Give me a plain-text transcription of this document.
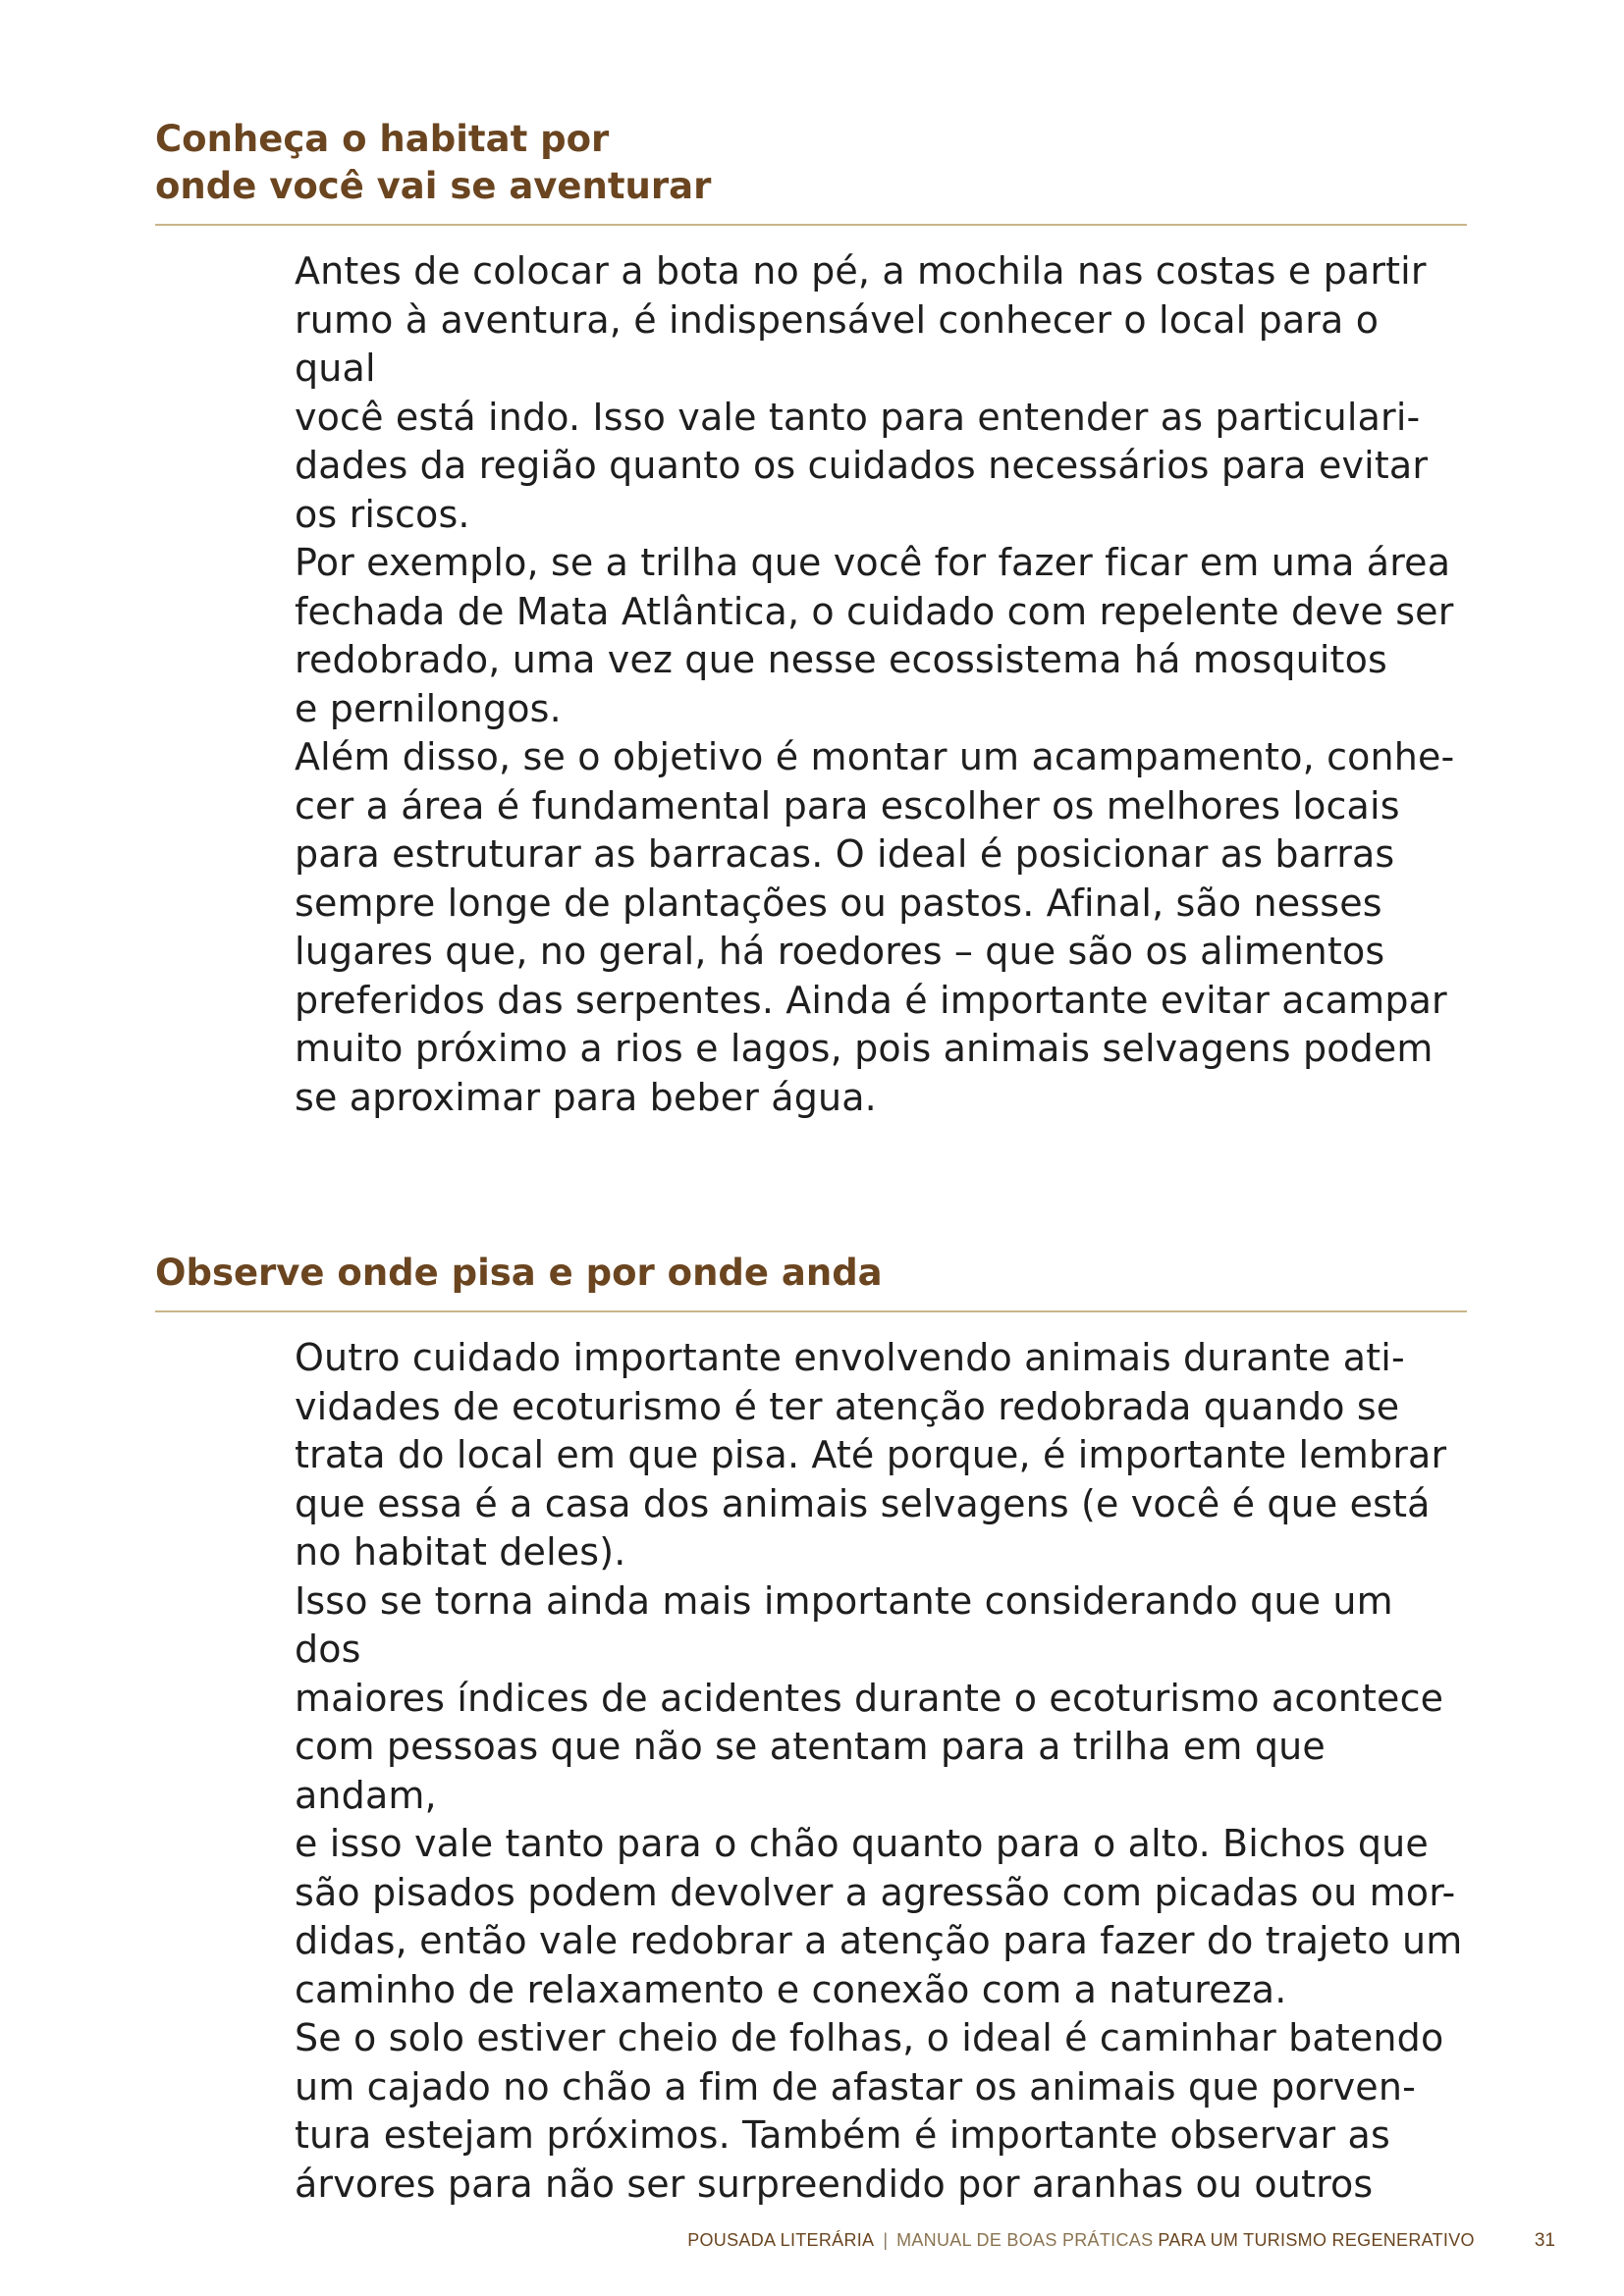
Conheça o habitat por
onde você vai se aventurar

Antes de colocar a bota no pé, a mochila nas costas e partir
rumo à aventura, é indispensável conhecer o local para o qual
você está indo. Isso vale tanto para entender as particulari-
dades da região quanto os cuidados necessários para evitar
os riscos.

Por exemplo, se a trilha que você for fazer ficar em uma área
fechada de Mata Atlântica, o cuidado com repelente deve ser
redobrado, uma vez que nesse ecossistema há mosquitos
e pernilongos.

Além disso, se o objetivo é montar um acampamento, conhe-
cer a área é fundamental para escolher os melhores locais
para estruturar as barracas. O ideal é posicionar as barras
sempre longe de plantações ou pastos. Afinal, são nesses
lugares que, no geral, há roedores – que são os alimentos
preferidos das serpentes. Ainda é importante evitar acampar
muito próximo a rios e lagos, pois animais selvagens podem
se aproximar para beber água.

Observe onde pisa e por onde anda

Outro cuidado importante envolvendo animais durante ati-
vidades de ecoturismo é ter atenção redobrada quando se
trata do local em que pisa. Até porque, é importante lembrar
que essa é a casa dos animais selvagens (e você é que está
no habitat deles).

Isso se torna ainda mais importante considerando que um dos
maiores índices de acidentes durante o ecoturismo acontece
com pessoas que não se atentam para a trilha em que andam,
e isso vale tanto para o chão quanto para o alto. Bichos que
são pisados podem devolver a agressão com picadas ou mor-
didas, então vale redobrar a atenção para fazer do trajeto um
caminho de relaxamento e conexão com a natureza.

Se o solo estiver cheio de folhas, o ideal é caminhar batendo
um cajado no chão a fim de afastar os animais que porven-
tura estejam próximos. Também é importante observar as
árvores para não ser surpreendido por aranhas ou outros

POUSADA LITERÁRIA | MANUAL DE BOAS PRÁTICAS PARA UM TURISMO REGENERATIVO	31
